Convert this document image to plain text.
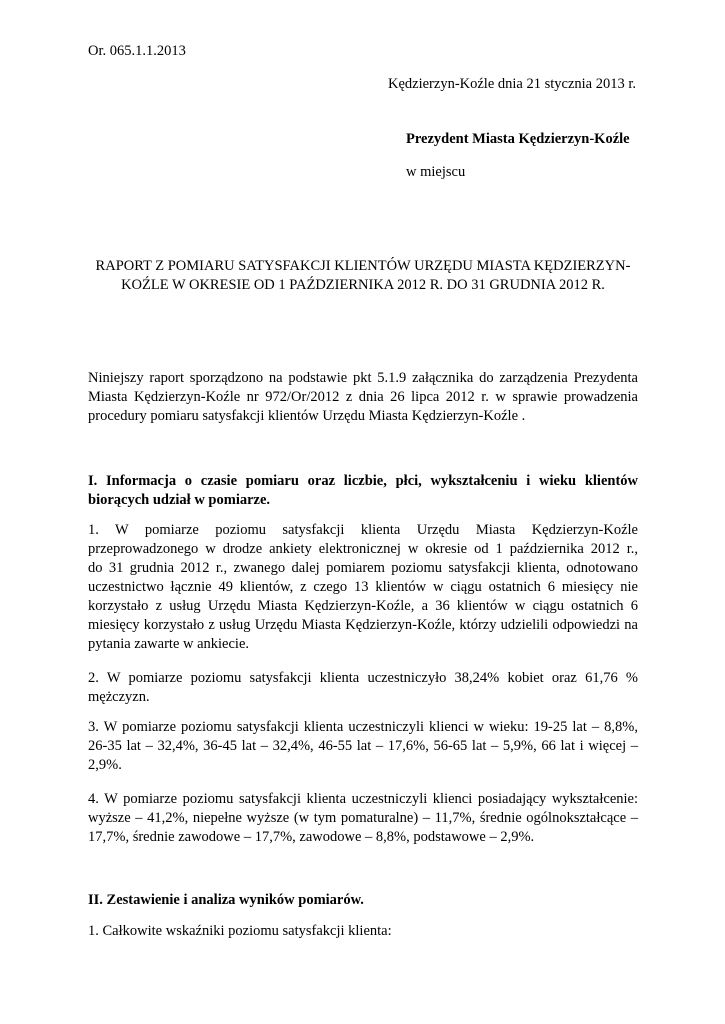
Or. 065.1.1.2013

Kędzierzyn-Koźle dnia 21 stycznia 2013 r.

Prezydent Miasta Kędzierzyn-Koźle

w miejscu

RAPORT Z POMIARU SATYSFAKCJI KLIENTÓW URZĘDU MIASTA KĘDZIERZYN-
KOŹLE W OKRESIE OD 1 PAŹDZIERNIKA 2012 R. DO 31 GRUDNIA 2012 R.
Niniejszy raport sporządzono na podstawie pkt 5.1.9 załącznika do zarządzenia Prezydenta
Miasta Kędzierzyn-Koźle nr 972/Or/2012 z dnia 26 lipca 2012 r. w sprawie prowadzenia
procedury pomiaru satysfakcji klientów Urzędu Miasta Kędzierzyn-Koźle .
I. Informacja o czasie pomiaru oraz liczbie, płci, wykształceniu i wieku klientów
biorących udział w pomiarze.
1. W pomiarze poziomu satysfakcji klienta Urzędu Miasta Kędzierzyn-Koźle
przeprowadzonego w drodze ankiety elektronicznej w okresie od 1 października 2012 r.,
do 31 grudnia 2012 r., zwanego dalej pomiarem poziomu satysfakcji klienta, odnotowano
uczestnictwo łącznie 49 klientów, z czego 13 klientów w ciągu ostatnich 6 miesięcy nie
korzystało z usług Urzędu Miasta Kędzierzyn-Koźle, a 36 klientów w ciągu ostatnich 6
miesięcy korzystało z usług Urzędu Miasta Kędzierzyn-Koźle, którzy udzielili odpowiedzi na
pytania zawarte w ankiecie.
2. W pomiarze poziomu satysfakcji klienta uczestniczyło 38,24% kobiet oraz 61,76 %
mężczyzn.
3. W pomiarze poziomu satysfakcji klienta uczestniczyli klienci w wieku: 19-25 lat – 8,8%,
26-35 lat – 32,4%, 36-45 lat – 32,4%, 46-55 lat – 17,6%, 56-65 lat – 5,9%, 66 lat i więcej –
2,9%.
4. W pomiarze poziomu satysfakcji klienta uczestniczyli klienci posiadający wykształcenie:
wyższe – 41,2%, niepełne wyższe (w tym pomaturalne) – 11,7%, średnie ogólnokształcące –
17,7%, średnie zawodowe – 17,7%, zawodowe – 8,8%, podstawowe – 2,9%.

II. Zestawienie i analiza wyników pomiarów.

1. Całkowite wskaźniki poziomu satysfakcji klienta:
